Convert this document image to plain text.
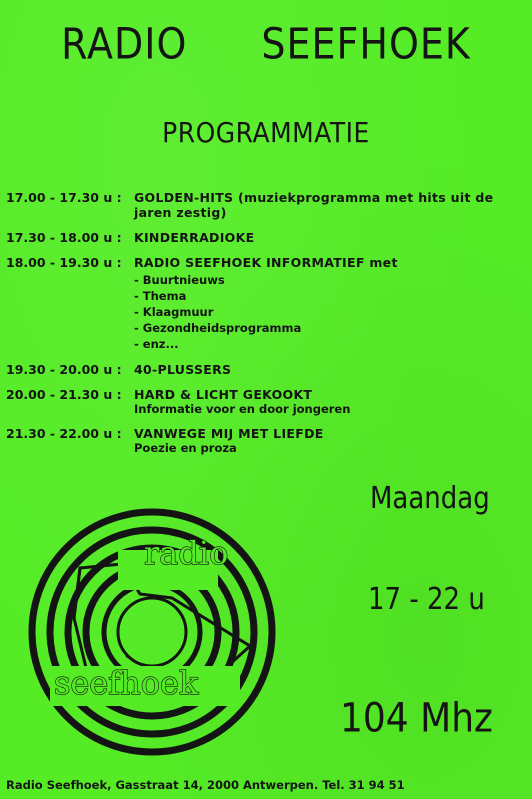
RADIO SEEFHOEK
PROGRAMMATIE
17.00 - 17.30 u : GOLDEN-HITS (muziekprogramma met hits uit de jaren zestig)
17.30 - 18.00 u : KINDERRADIOKE
18.00 - 19.30 u : RADIO SEEFHOEK INFORMATIEF met
- Buurtnieuws
- Thema
- Klaagmuur
- Gezondheidsprogramma
- enz...
19.30 - 20.00 u : 40-PLUSSERS
20.00 - 21.30 u : HARD & LICHT GEKOOKT
Informatie voor en door jongeren
21.30 - 22.00 u : VANWEGE MIJ MET LIEFDE
Poezie en proza
radio
seefhoek
Maandag
17 - 22 u
104 Mhz
Radio Seefhoek, Gasstraat 14, 2000 Antwerpen. Tel. 31 94 51
